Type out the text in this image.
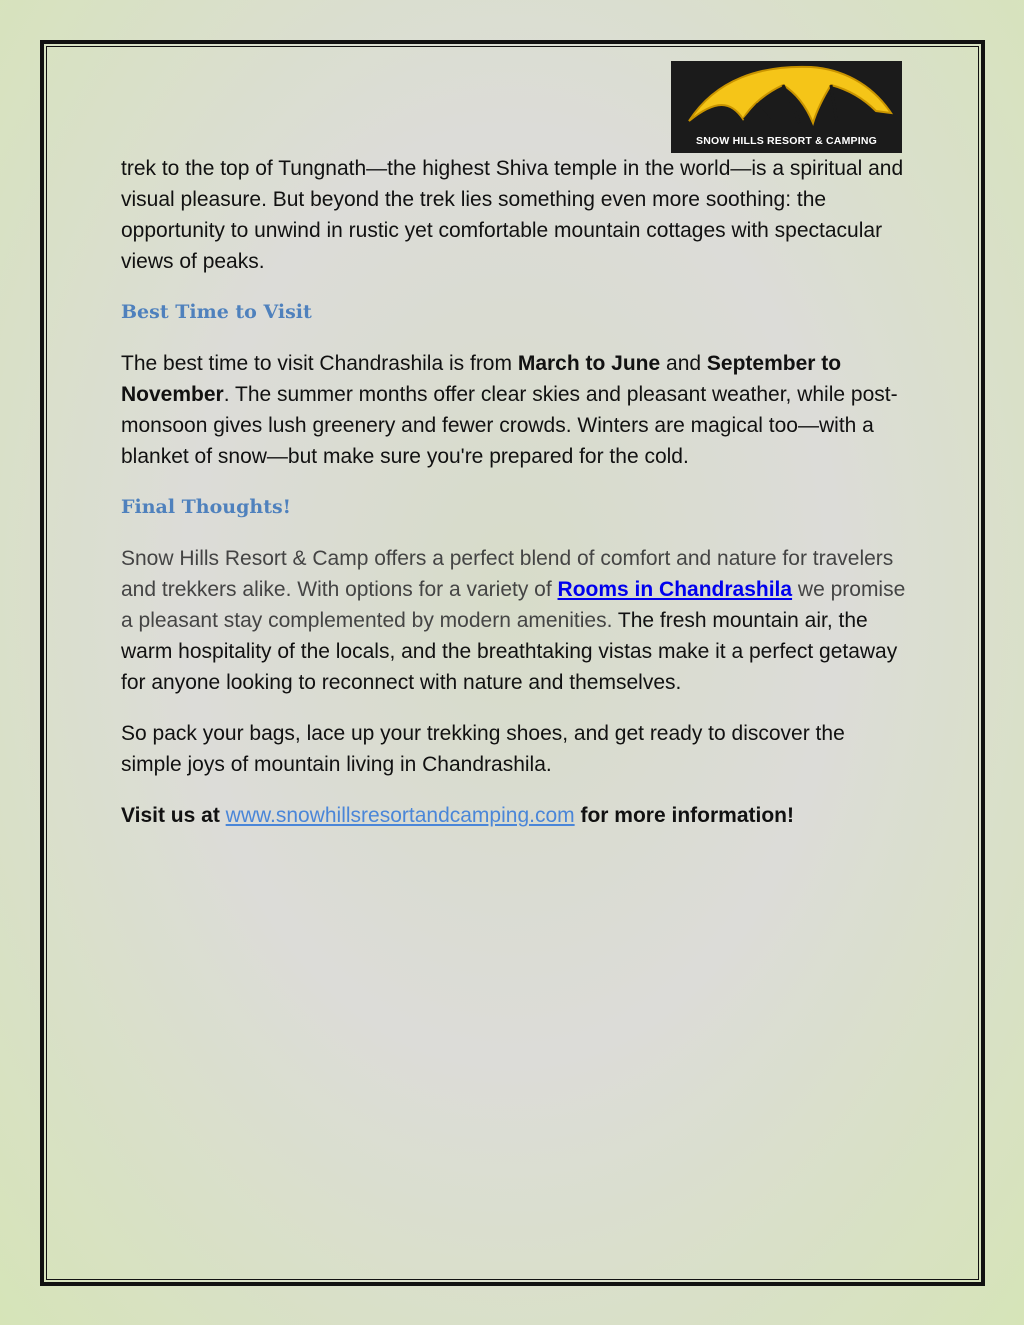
SNOW HILLS RESORT & CAMPING

trek to the top of Tungnath—the highest Shiva temple in the world—is a spiritual and visual pleasure. But beyond the trek lies something even more soothing: the opportunity to unwind in rustic yet comfortable mountain cottages with spectacular views of peaks.

Best Time to Visit

The best time to visit Chandrashila is from March to June and September to November. The summer months offer clear skies and pleasant weather, while post-monsoon gives lush greenery and fewer crowds. Winters are magical too—with a blanket of snow—but make sure you're prepared for the cold.

Final Thoughts!

Snow Hills Resort & Camp offers a perfect blend of comfort and nature for travelers and trekkers alike. With options for a variety of Rooms in Chandrashila we promise a pleasant stay complemented by modern amenities. The fresh mountain air, the warm hospitality of the locals, and the breathtaking vistas make it a perfect getaway for anyone looking to reconnect with nature and themselves.

So pack your bags, lace up your trekking shoes, and get ready to discover the simple joys of mountain living in Chandrashila.

Visit us at www.snowhillsresortandcamping.com for more information!
